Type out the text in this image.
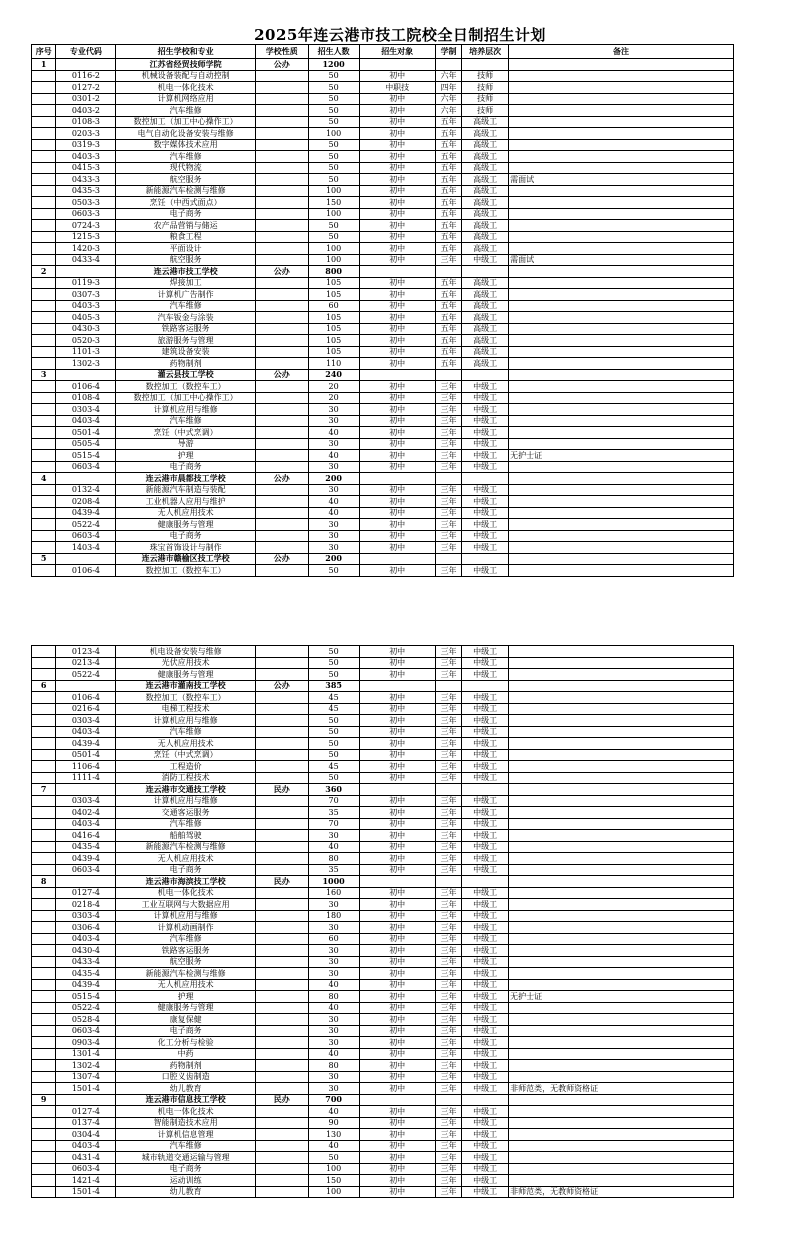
2025年连云港市技工院校全日制招生计划
序号	专业代码	招生学校和专业	学校性质	招生人数	招生对象	学制	培养层次	备注
1		江苏省经贸技师学院	公办	1200				
	0116-2	机械设备装配与自动控制		50	初中	六年	技师	
	0127-2	机电一体化技术		50	中职技	四年	技师	
	0301-2	计算机网络应用		50	初中	六年	技师	
	0403-2	汽车维修		50	初中	六年	技师	
	0108-3	数控加工（加工中心操作工）		50	初中	五年	高级工	
	0203-3	电气自动化设备安装与维修		100	初中	五年	高级工	
	0319-3	数字媒体技术应用		50	初中	五年	高级工	
	0403-3	汽车维修		50	初中	五年	高级工	
	0415-3	现代物流		50	初中	五年	高级工	
	0433-3	航空服务		50	初中	五年	高级工	需面试
	0435-3	新能源汽车检测与维修		100	初中	五年	高级工	
	0503-3	烹饪（中西式面点）		150	初中	五年	高级工	
	0603-3	电子商务		100	初中	五年	高级工	
	0724-3	农产品营销与储运		50	初中	五年	高级工	
	1215-3	粮食工程		50	初中	五年	高级工	
	1420-3	平面设计		100	初中	五年	高级工	
	0433-4	航空服务		100	初中	三年	中级工	需面试
2		连云港市技工学校	公办	800				
	0119-3	焊接加工		105	初中	五年	高级工	
	0307-3	计算机广告制作		105	初中	五年	高级工	
	0403-3	汽车维修		60	初中	五年	高级工	
	0405-3	汽车钣金与涂装		105	初中	五年	高级工	
	0430-3	铁路客运服务		105	初中	五年	高级工	
	0520-3	旅游服务与管理		105	初中	五年	高级工	
	1101-3	建筑设备安装		105	初中	五年	高级工	
	1302-3	药物制剂		110	初中	五年	高级工	
3		灌云县技工学校	公办	240				
	0106-4	数控加工（数控车工）		20	初中	三年	中级工	
	0108-4	数控加工（加工中心操作工）		20	初中	三年	中级工	
	0303-4	计算机应用与维修		30	初中	三年	中级工	
	0403-4	汽车维修		30	初中	三年	中级工	
	0501-4	烹饪（中式烹调）		40	初中	三年	中级工	
	0505-4	导游		30	初中	三年	中级工	
	0515-4	护理		40	初中	三年	中级工	无护士证
	0603-4	电子商务		30	初中	三年	中级工	
4		连云港市晨都技工学校	公办	200				
	0132-4	新能源汽车制造与装配		30	初中	三年	中级工	
	0208-4	工业机器人应用与维护		40	初中	三年	中级工	
	0439-4	无人机应用技术		40	初中	三年	中级工	
	0522-4	健康服务与管理		30	初中	三年	中级工	
	0603-4	电子商务		30	初中	三年	中级工	
	1403-4	珠宝首饰设计与制作		30	初中	三年	中级工	
5		连云港市赣榆区技工学校	公办	200				
	0106-4	数控加工（数控车工）		50	初中	三年	中级工	
	0123-4	机电设备安装与维修		50	初中	三年	中级工	
	0213-4	光伏应用技术		50	初中	三年	中级工	
	0522-4	健康服务与管理		50	初中	三年	中级工	
6		连云港市灌南技工学校	公办	385				
	0106-4	数控加工（数控车工）		45	初中	三年	中级工	
	0216-4	电梯工程技术		45	初中	三年	中级工	
	0303-4	计算机应用与维修		50	初中	三年	中级工	
	0403-4	汽车维修		50	初中	三年	中级工	
	0439-4	无人机应用技术		50	初中	三年	中级工	
	0501-4	烹饪（中式烹调）		50	初中	三年	中级工	
	1106-4	工程造价		45	初中	三年	中级工	
	1111-4	消防工程技术		50	初中	三年	中级工	
7		连云港市交通技工学校	民办	360				
	0303-4	计算机应用与维修		70	初中	三年	中级工	
	0402-4	交通客运服务		35	初中	三年	中级工	
	0403-4	汽车维修		70	初中	三年	中级工	
	0416-4	船舶驾驶		30	初中	三年	中级工	
	0435-4	新能源汽车检测与维修		40	初中	三年	中级工	
	0439-4	无人机应用技术		80	初中	三年	中级工	
	0603-4	电子商务		35	初中	三年	中级工	
8		连云港市海滨技工学校	民办	1000				
	0127-4	机电一体化技术		160	初中	三年	中级工	
	0218-4	工业互联网与大数据应用		30	初中	三年	中级工	
	0303-4	计算机应用与维修		180	初中	三年	中级工	
	0306-4	计算机动画制作		30	初中	三年	中级工	
	0403-4	汽车维修		60	初中	三年	中级工	
	0430-4	铁路客运服务		30	初中	三年	中级工	
	0433-4	航空服务		30	初中	三年	中级工	
	0435-4	新能源汽车检测与维修		30	初中	三年	中级工	
	0439-4	无人机应用技术		40	初中	三年	中级工	
	0515-4	护理		80	初中	三年	中级工	无护士证
	0522-4	健康服务与管理		40	初中	三年	中级工	
	0528-4	康复保健		30	初中	三年	中级工	
	0603-4	电子商务		30	初中	三年	中级工	
	0903-4	化工分析与检验		30	初中	三年	中级工	
	1301-4	中药		40	初中	三年	中级工	
	1302-4	药物制剂		80	初中	三年	中级工	
	1307-4	口腔义齿制造		30	初中	三年	中级工	
	1501-4	幼儿教育		30	初中	三年	中级工	非师范类，无教师资格证
9		连云港市信息技工学校	民办	700				
	0127-4	机电一体化技术		40	初中	三年	中级工	
	0137-4	智能制造技术应用		90	初中	三年	中级工	
	0304-4	计算机信息管理		130	初中	三年	中级工	
	0403-4	汽车维修		40	初中	三年	中级工	
	0431-4	城市轨道交通运输与管理		50	初中	三年	中级工	
	0603-4	电子商务		100	初中	三年	中级工	
	1421-4	运动训练		150	初中	三年	中级工	
	1501-4	幼儿教育		100	初中	三年	中级工	非师范类，无教师资格证
